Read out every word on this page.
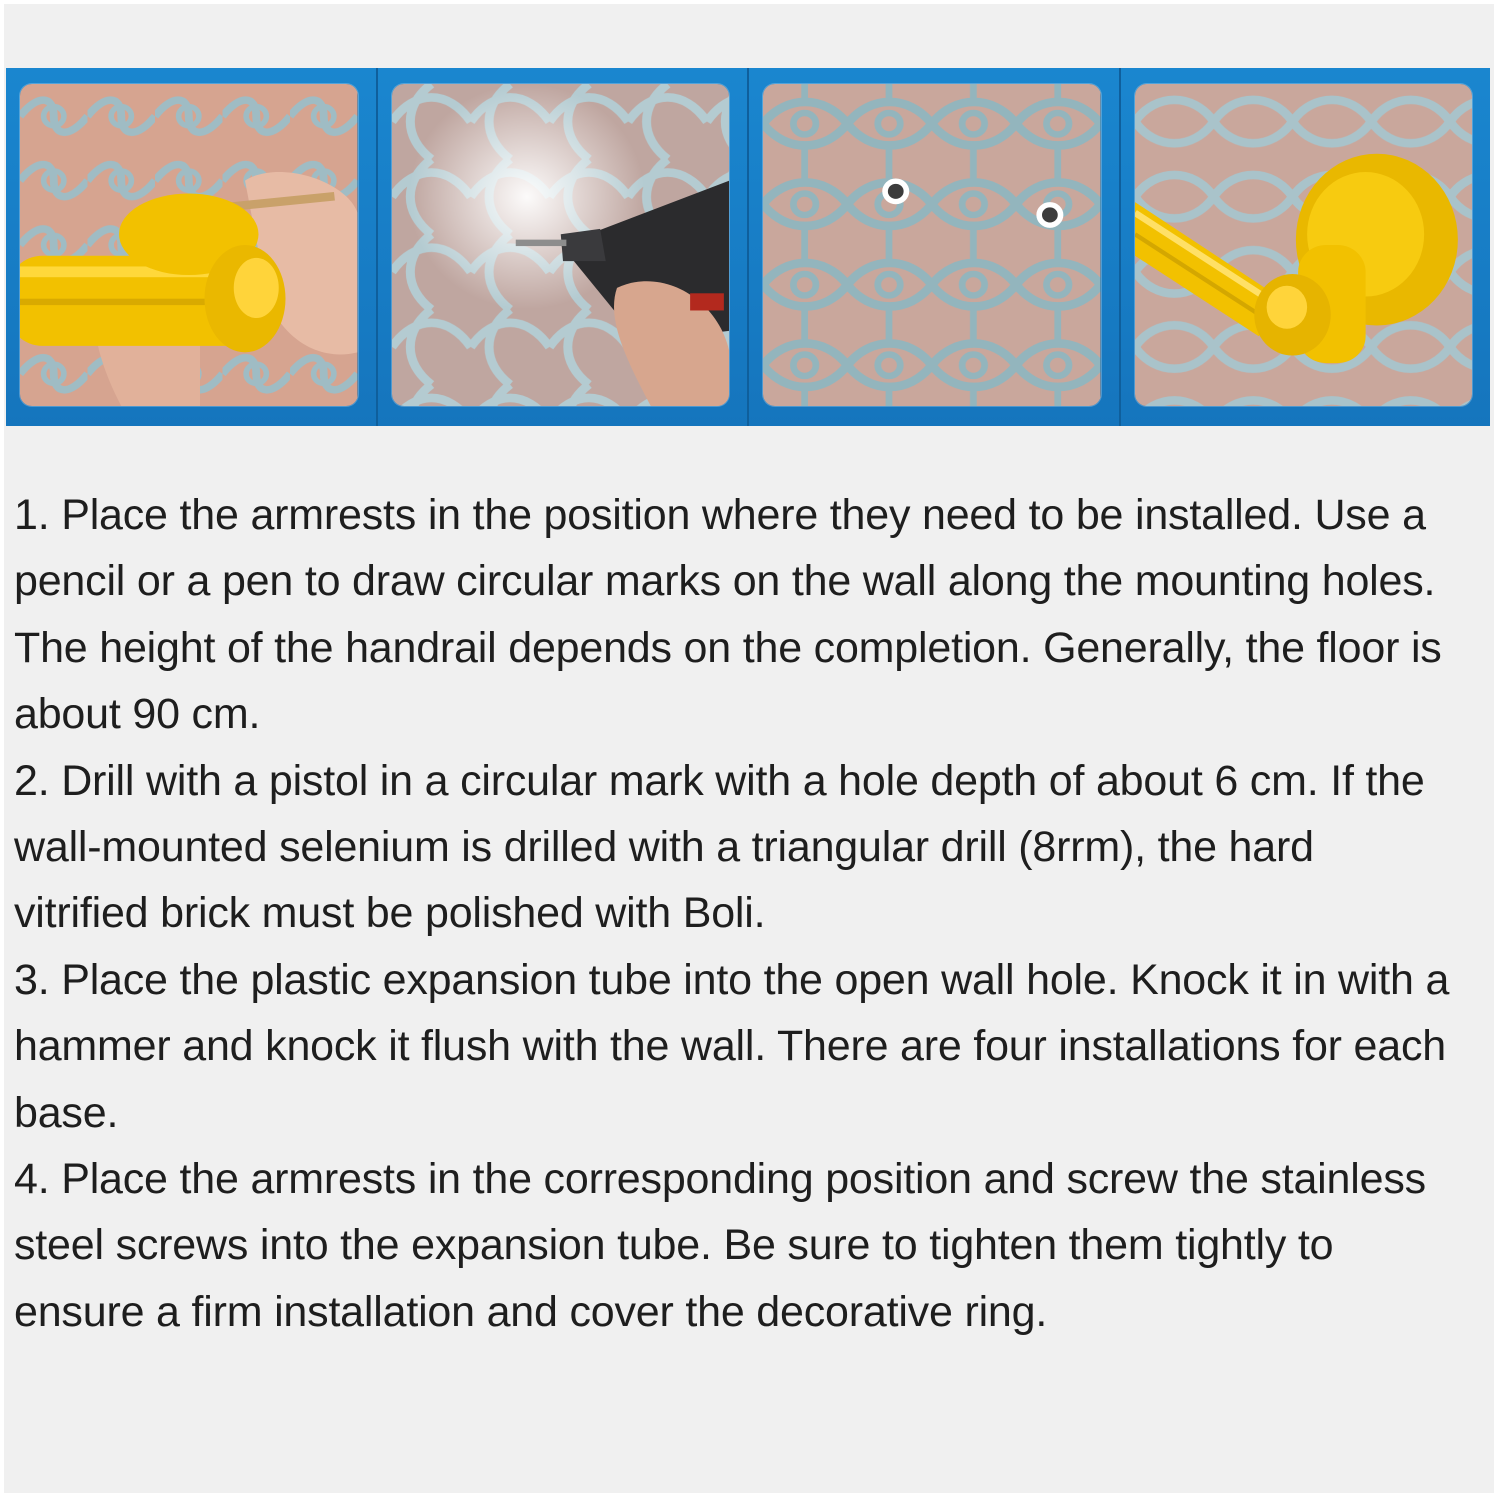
1. Place the armrests in the position where they need to be installed. Use a pencil or a pen to draw circular marks on the wall along the mounting holes. The height of the handrail depends on the completion. Generally, the floor is about 90 cm.

2. Drill with a pistol in a circular mark with a hole depth of about 6 cm. If the wall-mounted selenium is drilled with a triangular drill (8rrm), the hard vitrified brick must be polished with Boli.

3. Place the plastic expansion tube into the open wall hole. Knock it in with a hammer and knock it flush with the wall. There are four installations for each base.

4. Place the armrests in the corresponding position and screw the stainless steel screws into the expansion tube. Be sure to tighten them tightly to ensure a firm installation and cover the decorative ring.
